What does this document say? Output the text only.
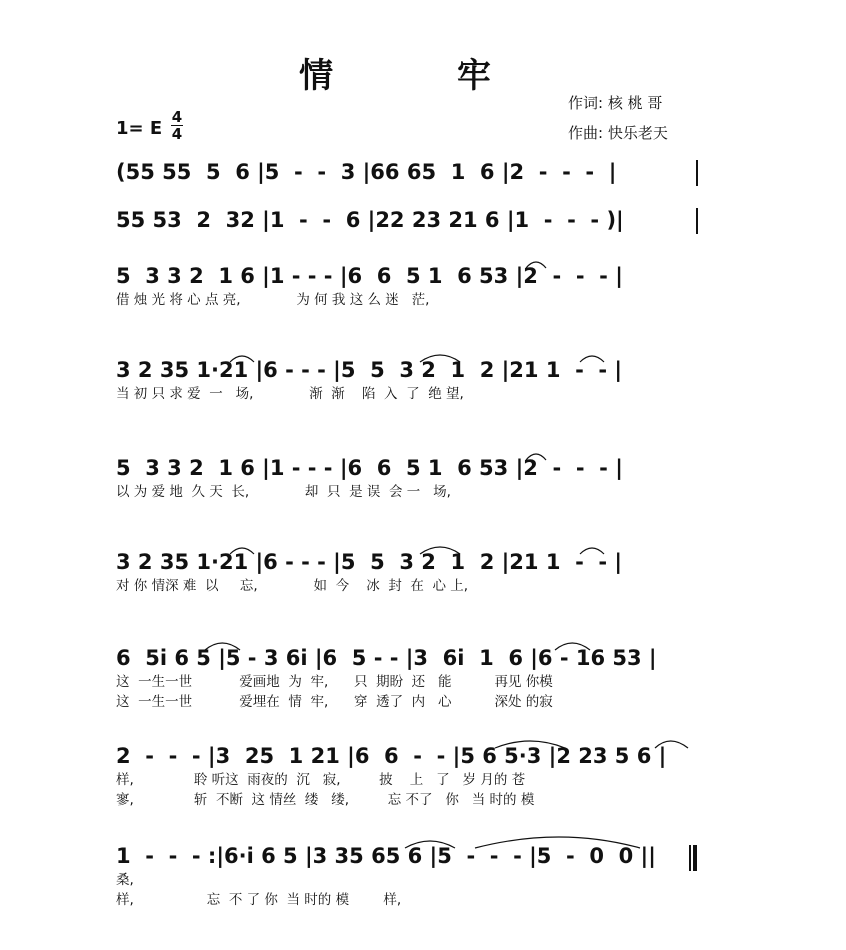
情 牢
作词: 核 桃 哥
作曲: 快乐老天
1= E
4
4
(55 55  5  6 |5  -  -  3 |66 65  1  6 |2  -  -  -  |
55 53  2  32 |1  -  -  6 |22 23 21 6 |1  -  -  - )|
5  3 3 2  1 6 |1 - - - |6  6  5 1  6 53 |2  -  -  - |
借 烛 光 将 心 点 亮,             为 何 我 这 么 迷   茫,
3 2 35 1·21 |6 - - - |5  5  3 2  1  2 |21 1  -  - |
当 初 只 求 爱  一   场,             渐  渐    陷  入  了  绝 望,
5  3 3 2  1 6 |1 - - - |6  6  5 1  6 53 |2  -  -  - |
以 为 爱 地  久 天  长,             却  只  是 误  会 一   场,
3 2 35 1·21 |6 - - - |5  5  3 2  1  2 |21 1  -  - |
对 你 情深 难  以     忘,             如  今    冰  封  在  心 上,
6  5i 6 5 |5 - 3 6i |6  5 - - |3  6i  1  6 |6 - 16 53 |
这  一生一世           爱画地  为  牢,      只  期盼  还   能          再见 你模
这  一生一世           爱埋在  情  牢,      穿  透了  内   心          深处 的寂
2  -  -  - |3  25  1 21 |6  6  -  - |5 6 5·3 |2 23 5 6 |
样,              聆 听这  雨夜的  沉   寂,         披    上   了   岁 月的 苍
寥,              斩  不断  这 情丝  缕   缕,         忘 不了   你   当 时的 模
1  -  -  - :|6·i 6 5 |3 35 65 6 |5  -  -  - |5  -  0  0 ||
桑,
样,                 忘  不 了 你  当 时的 模        样,
